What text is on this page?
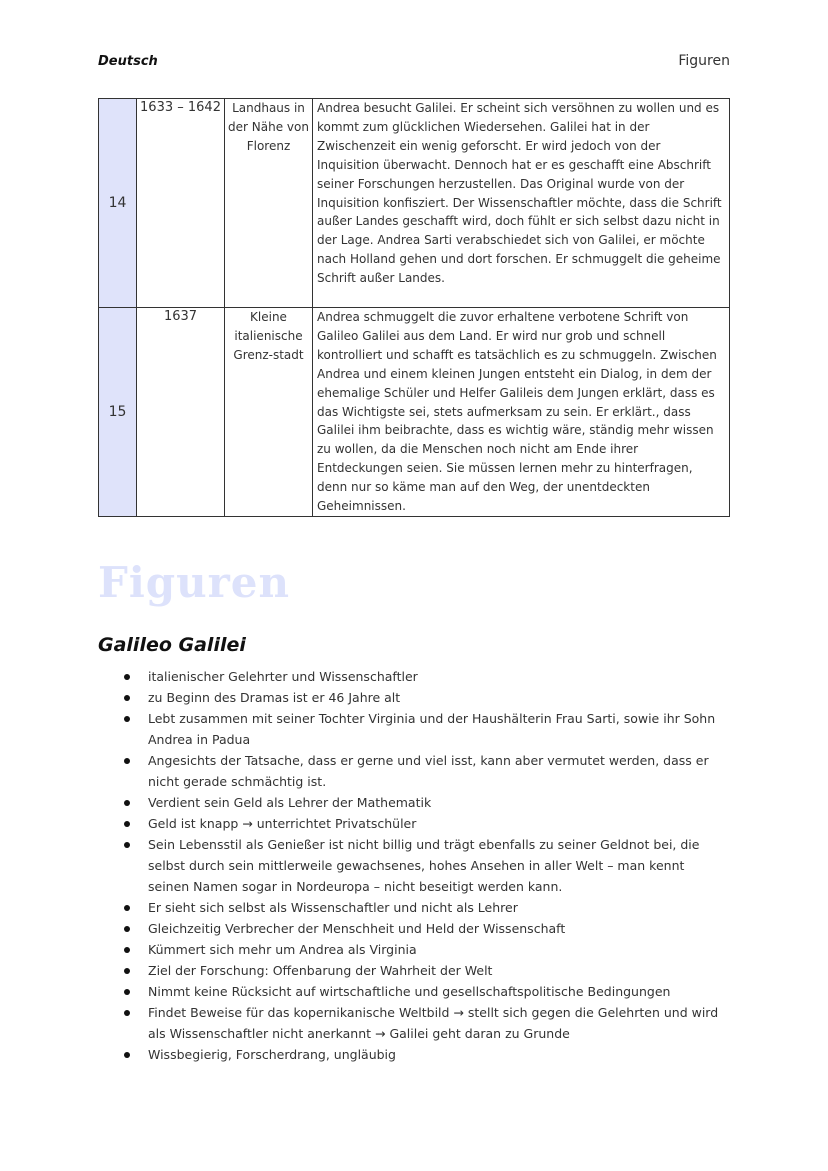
Deutsch	Figuren
14	1633 – 1642	Landhaus in der Nähe von Florenz	Andrea besucht Galilei. Er scheint sich versöhnen zu wollen und es kommt zum glücklichen Wiedersehen. Galilei hat in der Zwischenzeit ein wenig geforscht. Er wird jedoch von der Inquisition überwacht. Dennoch hat er es geschafft eine Abschrift seiner Forschungen herzustellen. Das Original wurde von der Inquisition konfisziert. Der Wissenschaftler möchte, dass die Schrift außer Landes geschafft wird, doch fühlt er sich selbst dazu nicht in der Lage. Andrea Sarti verabschiedet sich von Galilei, er möchte nach Holland gehen und dort forschen. Er schmuggelt die geheime Schrift außer Landes.
15	1637	Kleine italienische Grenz-stadt	Andrea schmuggelt die zuvor erhaltene verbotene Schrift von Galileo Galilei aus dem Land. Er wird nur grob und schnell kontrolliert und schafft es tatsächlich es zu schmuggeln. Zwischen Andrea und einem kleinen Jungen entsteht ein Dialog, in dem der ehemalige Schüler und Helfer Galileis dem Jungen erklärt, dass es das Wichtigste sei, stets aufmerksam zu sein. Er erklärt., dass Galilei ihm beibrachte, dass es wichtig wäre, ständig mehr wissen zu wollen, da die Menschen noch nicht am Ende ihrer Entdeckungen seien. Sie müssen lernen mehr zu hinterfragen, denn nur so käme man auf den Weg, der unentdeckten Geheimnissen.
Figuren
Galileo Galilei
italienischer Gelehrter und Wissenschaftler
zu Beginn des Dramas ist er 46 Jahre alt
Lebt zusammen mit seiner Tochter Virginia und der Haushälterin Frau Sarti, sowie ihr Sohn Andrea in Padua
Angesichts der Tatsache, dass er gerne und viel isst, kann aber vermutet werden, dass er nicht gerade schmächtig ist.
Verdient sein Geld als Lehrer der Mathematik
Geld ist knapp → unterrichtet Privatschüler
Sein Lebensstil als Genießer ist nicht billig und trägt ebenfalls zu seiner Geldnot bei, die selbst durch sein mittlerweile gewachsenes, hohes Ansehen in aller Welt – man kennt seinen Namen sogar in Nordeuropa – nicht beseitigt werden kann.
Er sieht sich selbst als Wissenschaftler und nicht als Lehrer
Gleichzeitig Verbrecher der Menschheit und Held der Wissenschaft
Kümmert sich mehr um Andrea als Virginia
Ziel der Forschung: Offenbarung der Wahrheit der Welt
Nimmt keine Rücksicht auf wirtschaftliche und gesellschaftspolitische Bedingungen
Findet Beweise für das kopernikanische Weltbild → stellt sich gegen die Gelehrten und wird als Wissenschaftler nicht anerkannt → Galilei geht daran zu Grunde
Wissbegierig, Forscherdrang, ungläubig
